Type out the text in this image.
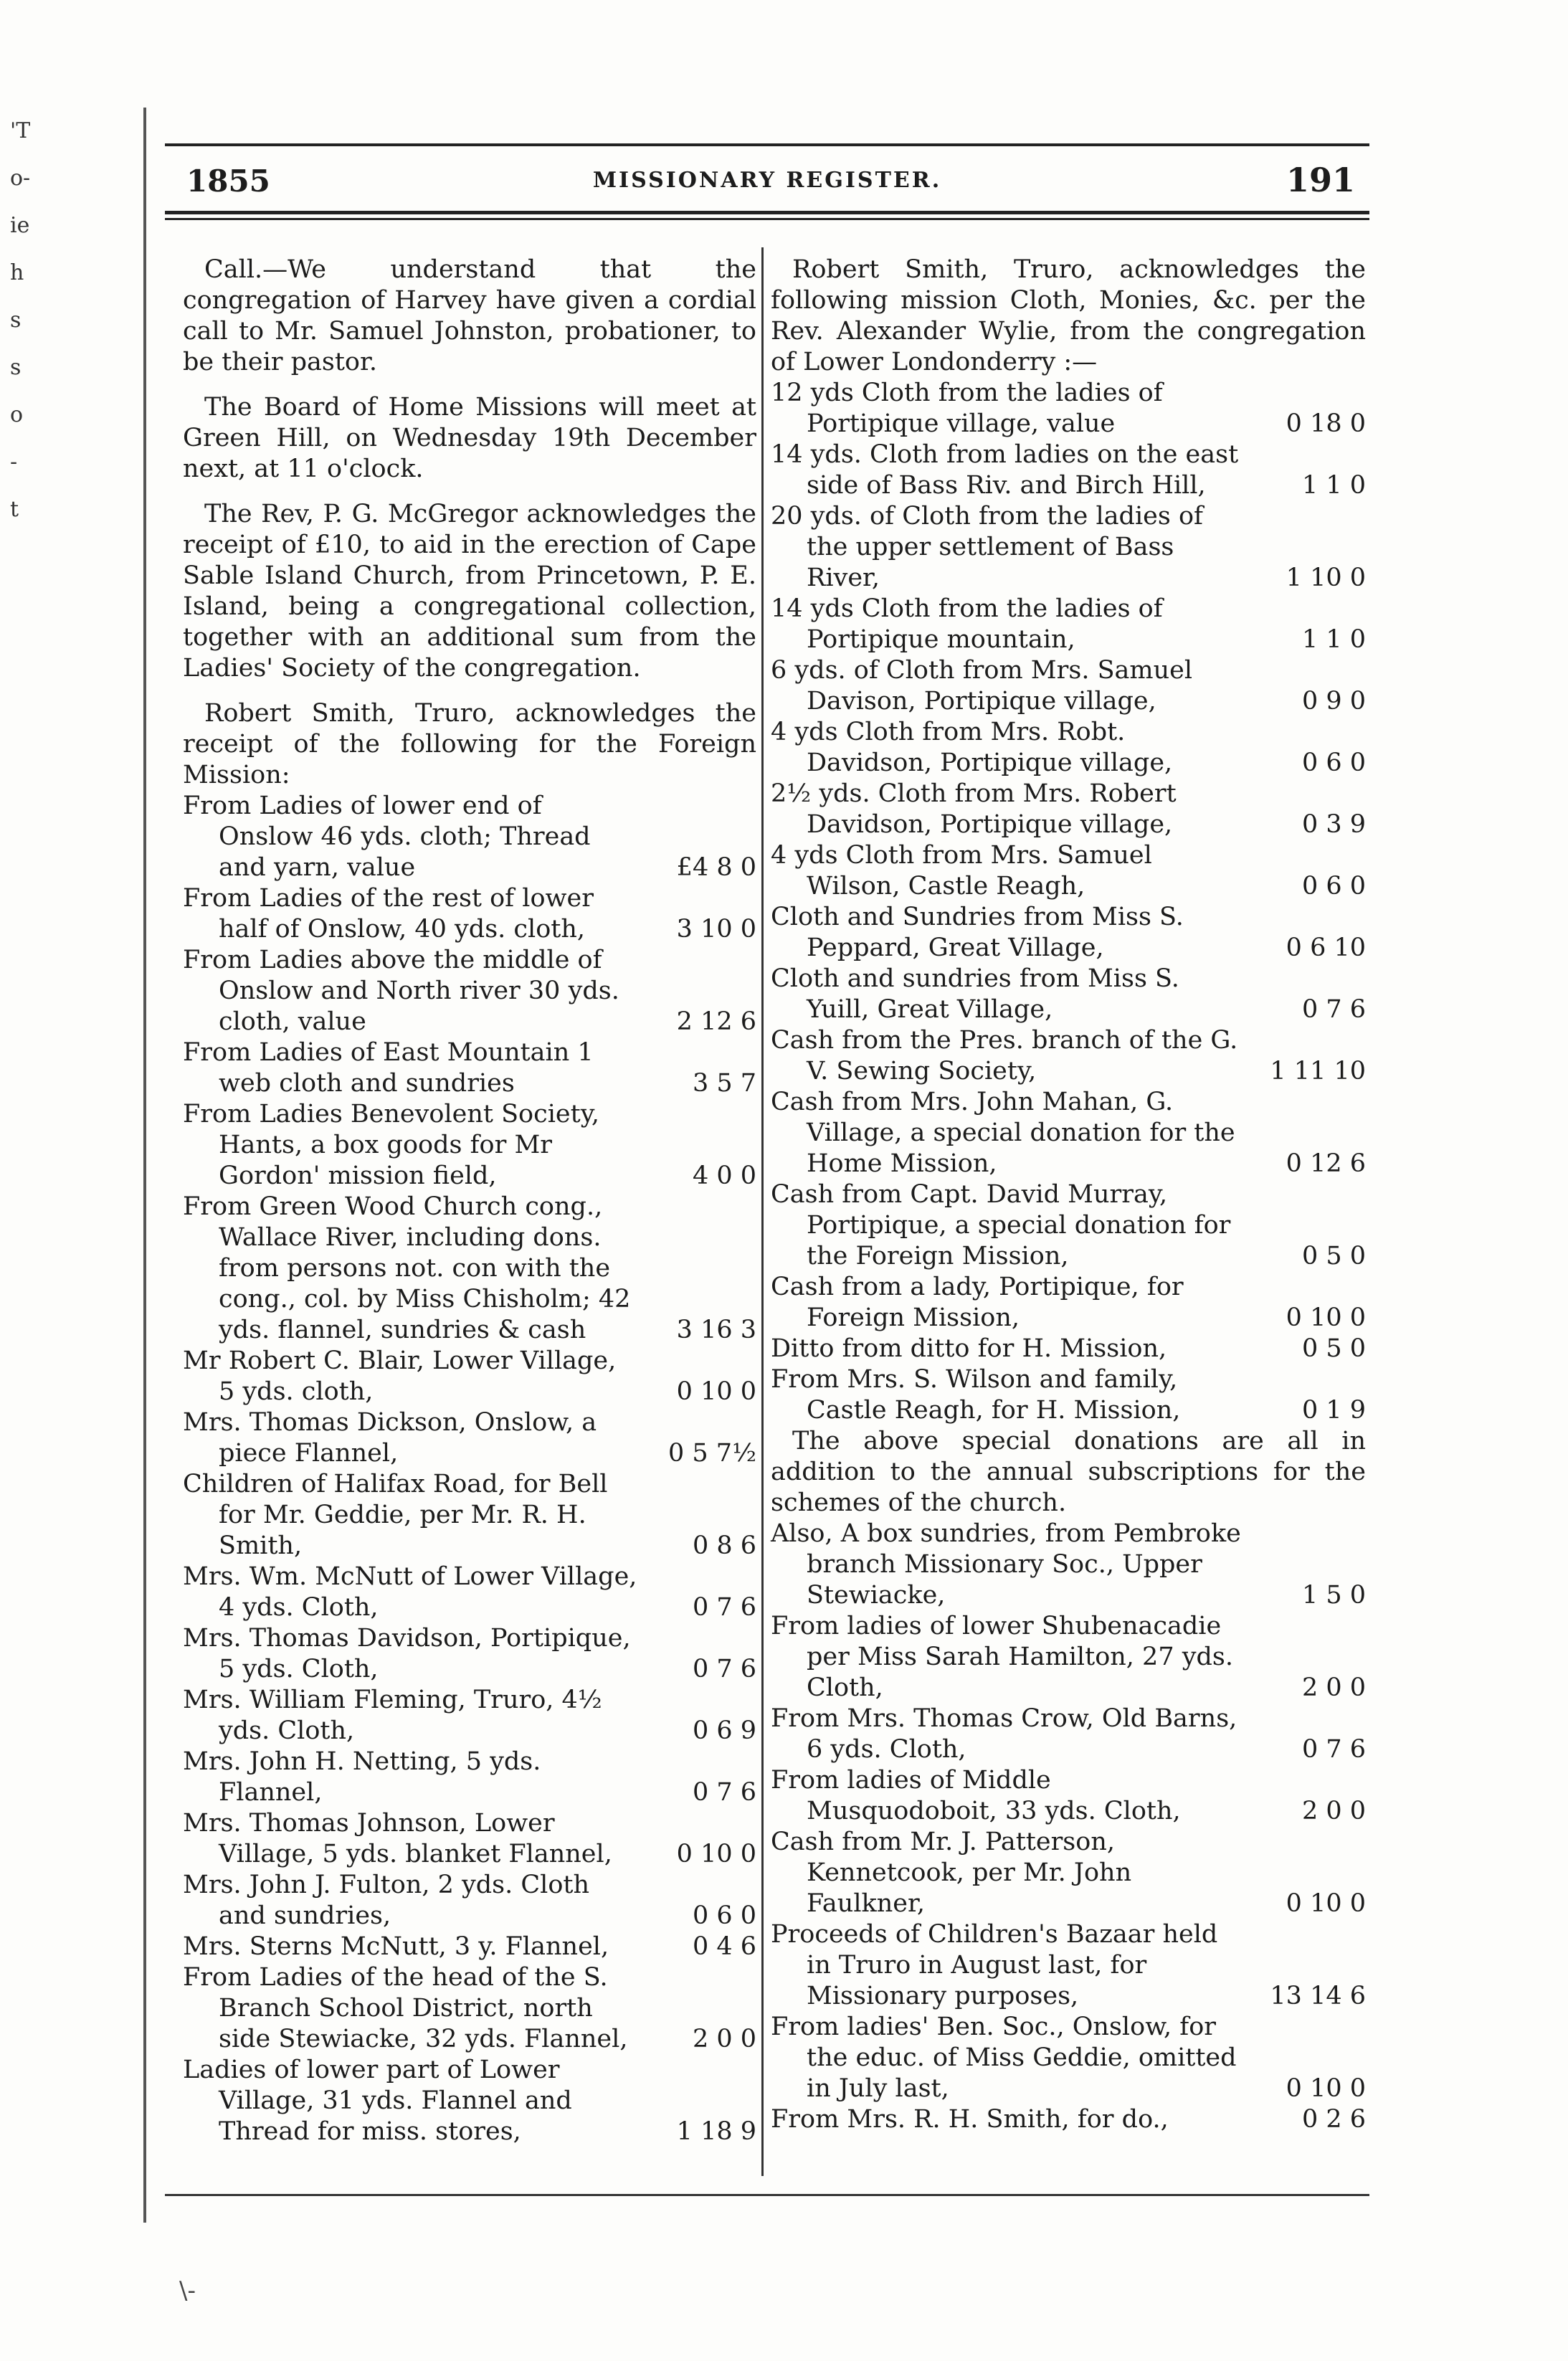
'T
o-
ie
h
s
s
o
-
t
1855	MISSIONARY REGISTER.	191

Call.—We understand that the congregation of Harvey have given a cordial call to Mr. Samuel Johnston, probationer, to be their pastor.

The Board of Home Missions will meet at Green Hill, on Wednesday 19th December next, at 11 o'clock.

The Rev, P. G. McGregor acknowledges the receipt of £10, to aid in the erection of Cape Sable Island Church, from Princetown, P. E. Island, being a congregational collection, together with an additional sum from the Ladies' Society of the congregation.

Robert Smith, Truro, acknowledges the receipt of the following for the Foreign Mission:

From Ladies of lower end of Onslow 46 yds. cloth; Thread and yarn, value	£4 8 0
From Ladies of the rest of lower half of Onslow, 40 yds. cloth,	3 10 0
From Ladies above the middle of Onslow and North river 30 yds. cloth, value	2 12 6
From Ladies of East Mountain 1 web cloth and sundries	3 5 7
From Ladies Benevolent Society, Hants, a box goods for Mr Gordon' mission field,	4 0 0
From Green Wood Church cong., Wallace River, including dons. from persons not. con with the cong., col. by Miss Chisholm; 42 yds. flannel, sundries & cash	3 16 3
Mr Robert C. Blair, Lower Village, 5 yds. cloth,	0 10 0
Mrs. Thomas Dickson, Onslow, a piece Flannel,	0 5 7½
Children of Halifax Road, for Bell for Mr. Geddie, per Mr. R. H. Smith,	0 8 6
Mrs. Wm. McNutt of Lower Village, 4 yds. Cloth,	0 7 6
Mrs. Thomas Davidson, Portipique, 5 yds. Cloth,	0 7 6
Mrs. William Fleming, Truro, 4½ yds. Cloth,	0 6 9
Mrs. John H. Netting, 5 yds. Flannel,	0 7 6
Mrs. Thomas Johnson, Lower Village, 5 yds. blanket Flannel,	0 10 0
Mrs. John J. Fulton, 2 yds. Cloth and sundries,	0 6 0
Mrs. Sterns McNutt, 3 y. Flannel,	0 4 6
From Ladies of the head of the S. Branch School District, north side Stewiacke, 32 yds. Flannel,	2 0 0
Ladies of lower part of Lower Village, 31 yds. Flannel and Thread for miss. stores,	1 18 9

Robert Smith, Truro, acknowledges the following mission Cloth, Monies, &c. per the Rev. Alexander Wylie, from the congregation of Lower Londonderry :—

12 yds Cloth from the ladies of Portipique village, value	0 18 0
14 yds. Cloth from ladies on the east side of Bass Riv. and Birch Hill,	1 1 0
20 yds. of Cloth from the ladies of the upper settlement of Bass River,	1 10 0
14 yds Cloth from the ladies of Portipique mountain,	1 1 0
6 yds. of Cloth from Mrs. Samuel Davison, Portipique village,	0 9 0
4 yds Cloth from Mrs. Robt. Davidson, Portipique village,	0 6 0
2½ yds. Cloth from Mrs. Robert Davidson, Portipique village,	0 3 9
4 yds Cloth from Mrs. Samuel Wilson, Castle Reagh,	0 6 0
Cloth and Sundries from Miss S. Peppard, Great Village,	0 6 10
Cloth and sundries from Miss S. Yuill, Great Village,	0 7 6
Cash from the Pres. branch of the G. V. Sewing Society,	1 11 10
Cash from Mrs. John Mahan, G. Village, a special donation for the Home Mission,	0 12 6
Cash from Capt. David Murray, Portipique, a special donation for the Foreign Mission,	0 5 0
Cash from a lady, Portipique, for Foreign Mission,	0 10 0
Ditto from ditto for H. Mission,	0 5 0
From Mrs. S. Wilson and family, Castle Reagh, for H. Mission,	0 1 9

The above special donations are all in addition to the annual subscriptions for the schemes of the church.

Also, A box sundries, from Pembroke branch Missionary Soc., Upper Stewiacke,	1 5 0
From ladies of lower Shubenacadie per Miss Sarah Hamilton, 27 yds. Cloth,	2 0 0
From Mrs. Thomas Crow, Old Barns, 6 yds. Cloth,	0 7 6
From ladies of Middle Musquodoboit, 33 yds. Cloth,	2 0 0
Cash from Mr. J. Patterson, Kennetcook, per Mr. John Faulkner,	0 10 0
Proceeds of Children's Bazaar held in Truro in August last, for Missionary purposes,	13 14 6
From ladies' Ben. Soc., Onslow, for the educ. of Miss Geddie, omitted in July last,	0 10 0
From Mrs. R. H. Smith, for do.,	0 2 6
\-
